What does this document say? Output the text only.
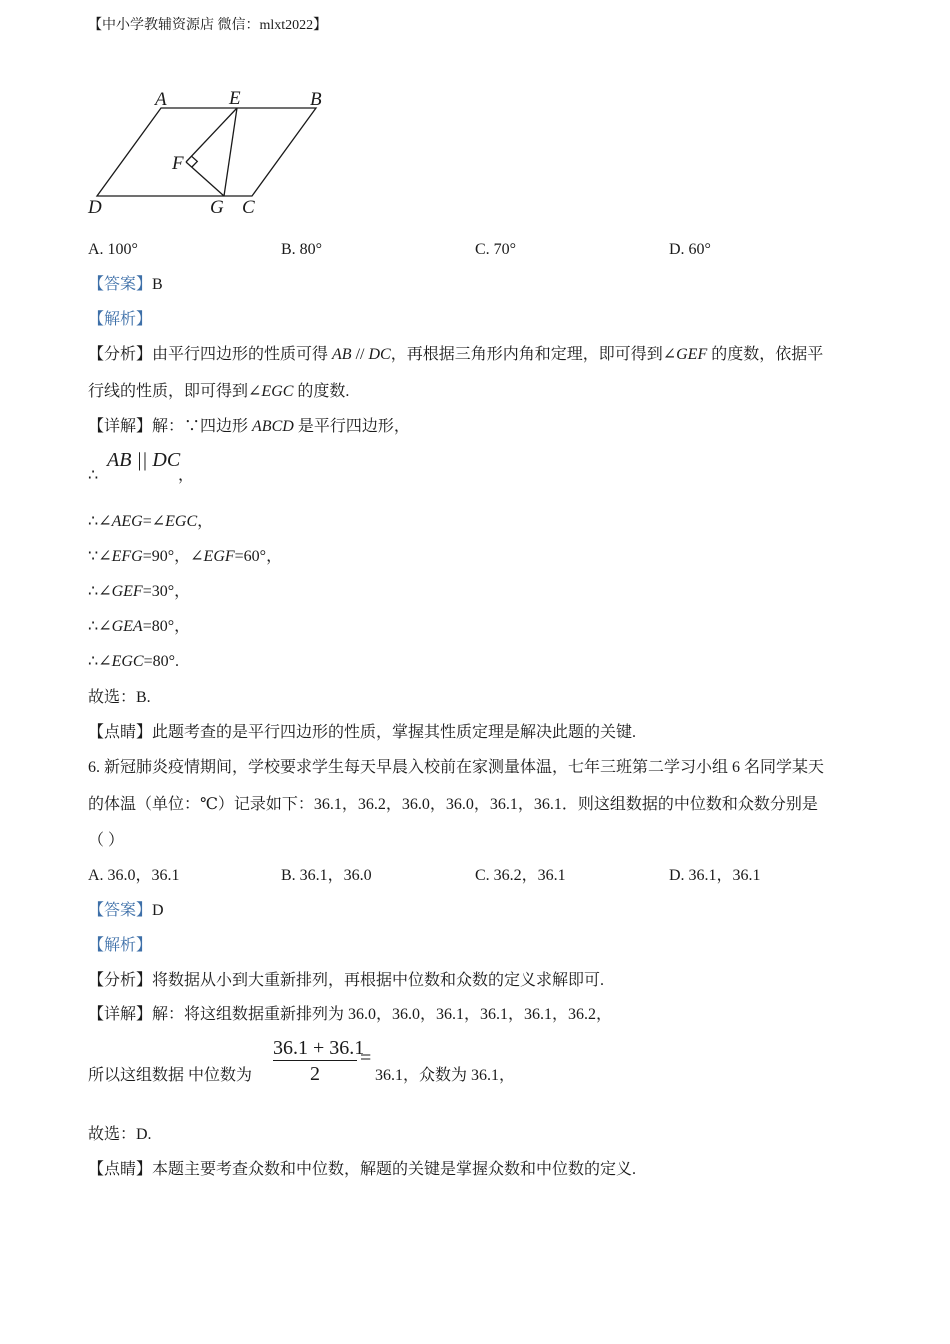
【中小学教辅资源店 微信：mlxt2022】
A	E	B
F
D	G C
A. 100°	B. 80°	C. 70°	D. 60°
【答案】B
【解析】
【分析】由平行四边形的性质可得 AB // DC，再根据三角形内角和定理，即可得到∠GEF 的度数，依据平
行线的性质，即可得到∠EGC 的度数.
【详解】解：∵四边形 ABCD 是平行四边形，
∴
AB || DC
，
∴∠AEG=∠EGC，
∵∠EFG=90°，∠EGF=60°，
∴∠GEF=30°，
∴∠GEA=80°，
∴∠EGC=80°.
故选：B.
【点睛】此题考查的是平行四边形的性质，掌握其性质定理是解决此题的关键.
6. 新冠肺炎疫情期间，学校要求学生每天早晨入校前在家测量体温，七年三班第二学习小组 6 名同学某天
的体温（单位：℃）记录如下：36.1，36.2，36.0，36.0，36.1，36.1．则这组数据的中位数和众数分别是
（ ）
A. 36.0，36.1	B. 36.1，36.0	C. 36.2，36.1	D. 36.1，36.1
【答案】D
【解析】
【分析】将数据从小到大重新排列，再根据中位数和众数的定义求解即可.
【详解】解：将这组数据重新排列为 36.0，36.0，36.1，36.1，36.1，36.2，
所以这组数据 中位数为 $\frac{36.1 + 36.1}{2}$ =
36.1，众数为 36.1，
故选：D.
【点睛】本题主要考查众数和中位数，解题的关键是掌握众数和中位数的定义.
